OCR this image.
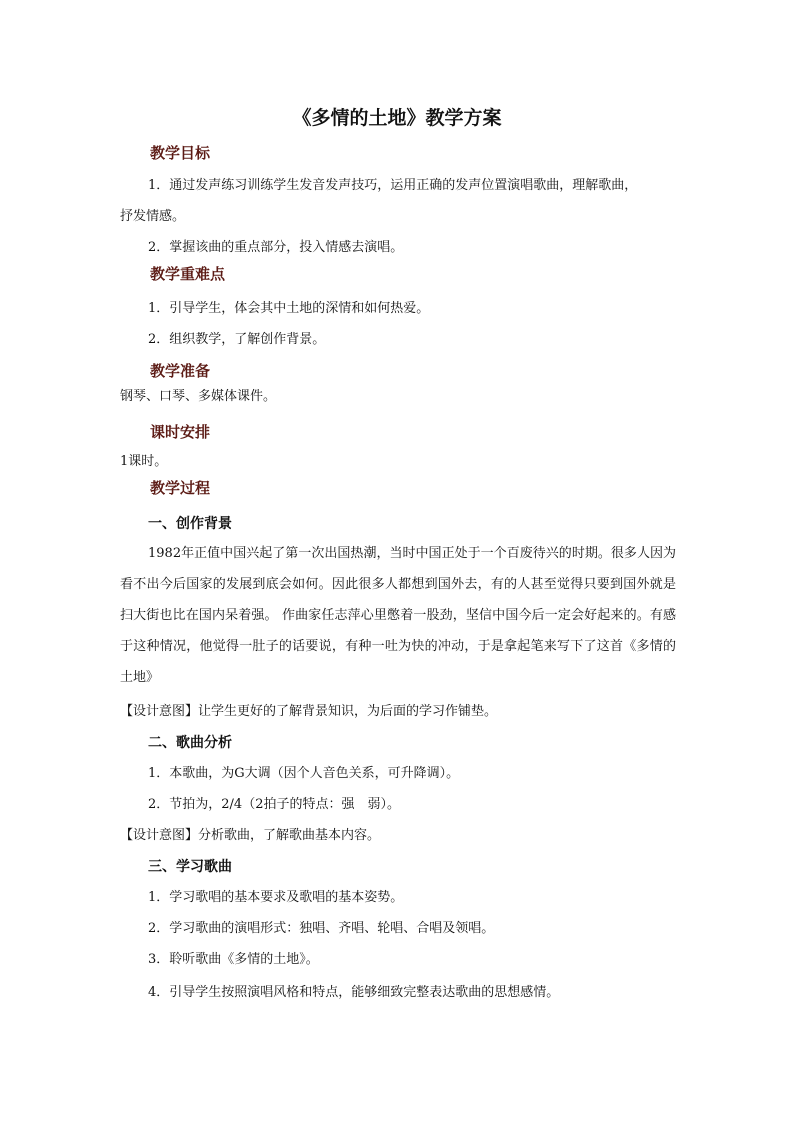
《多情的土地》教学方案
教学目标
1．通过发声练习训练学生发音发声技巧，运用正确的发声位置演唱歌曲，理解歌曲，
抒发情感。
2．掌握该曲的重点部分，投入情感去演唱。
教学重难点
1．引导学生，体会其中土地的深情和如何热爱。
2．组织教学，了解创作背景。
教学准备
钢琴、口琴、多媒体课件。
课时安排
1课时。
教学过程
一、创作背景
1982年正值中国兴起了第一次出国热潮，当时中国正处于一个百废待兴的时期。很多人因为看不出今后国家的发展到底会如何。因此很多人都想到国外去，有的人甚至觉得只要到国外就是扫大街也比在国内呆着强。 作曲家任志萍心里憋着一股劲，坚信中国今后一定会好起来的。有感于这种情况，他觉得一肚子的话要说，有种一吐为快的冲动，于是拿起笔来写下了这首《多情的土地》
【设计意图】让学生更好的了解背景知识，为后面的学习作铺垫。
二、歌曲分析
1．本歌曲，为G大调（因个人音色关系，可升降调）。
2．节拍为，2/4（2拍子的特点：强　弱）。
【设计意图】分析歌曲，了解歌曲基本内容。
三、学习歌曲
1．学习歌唱的基本要求及歌唱的基本姿势。
2．学习歌曲的演唱形式：独唱、齐唱、轮唱、合唱及领唱。
3．聆听歌曲《多情的土地》。
4．引导学生按照演唱风格和特点，能够细致完整表达歌曲的思想感情。
